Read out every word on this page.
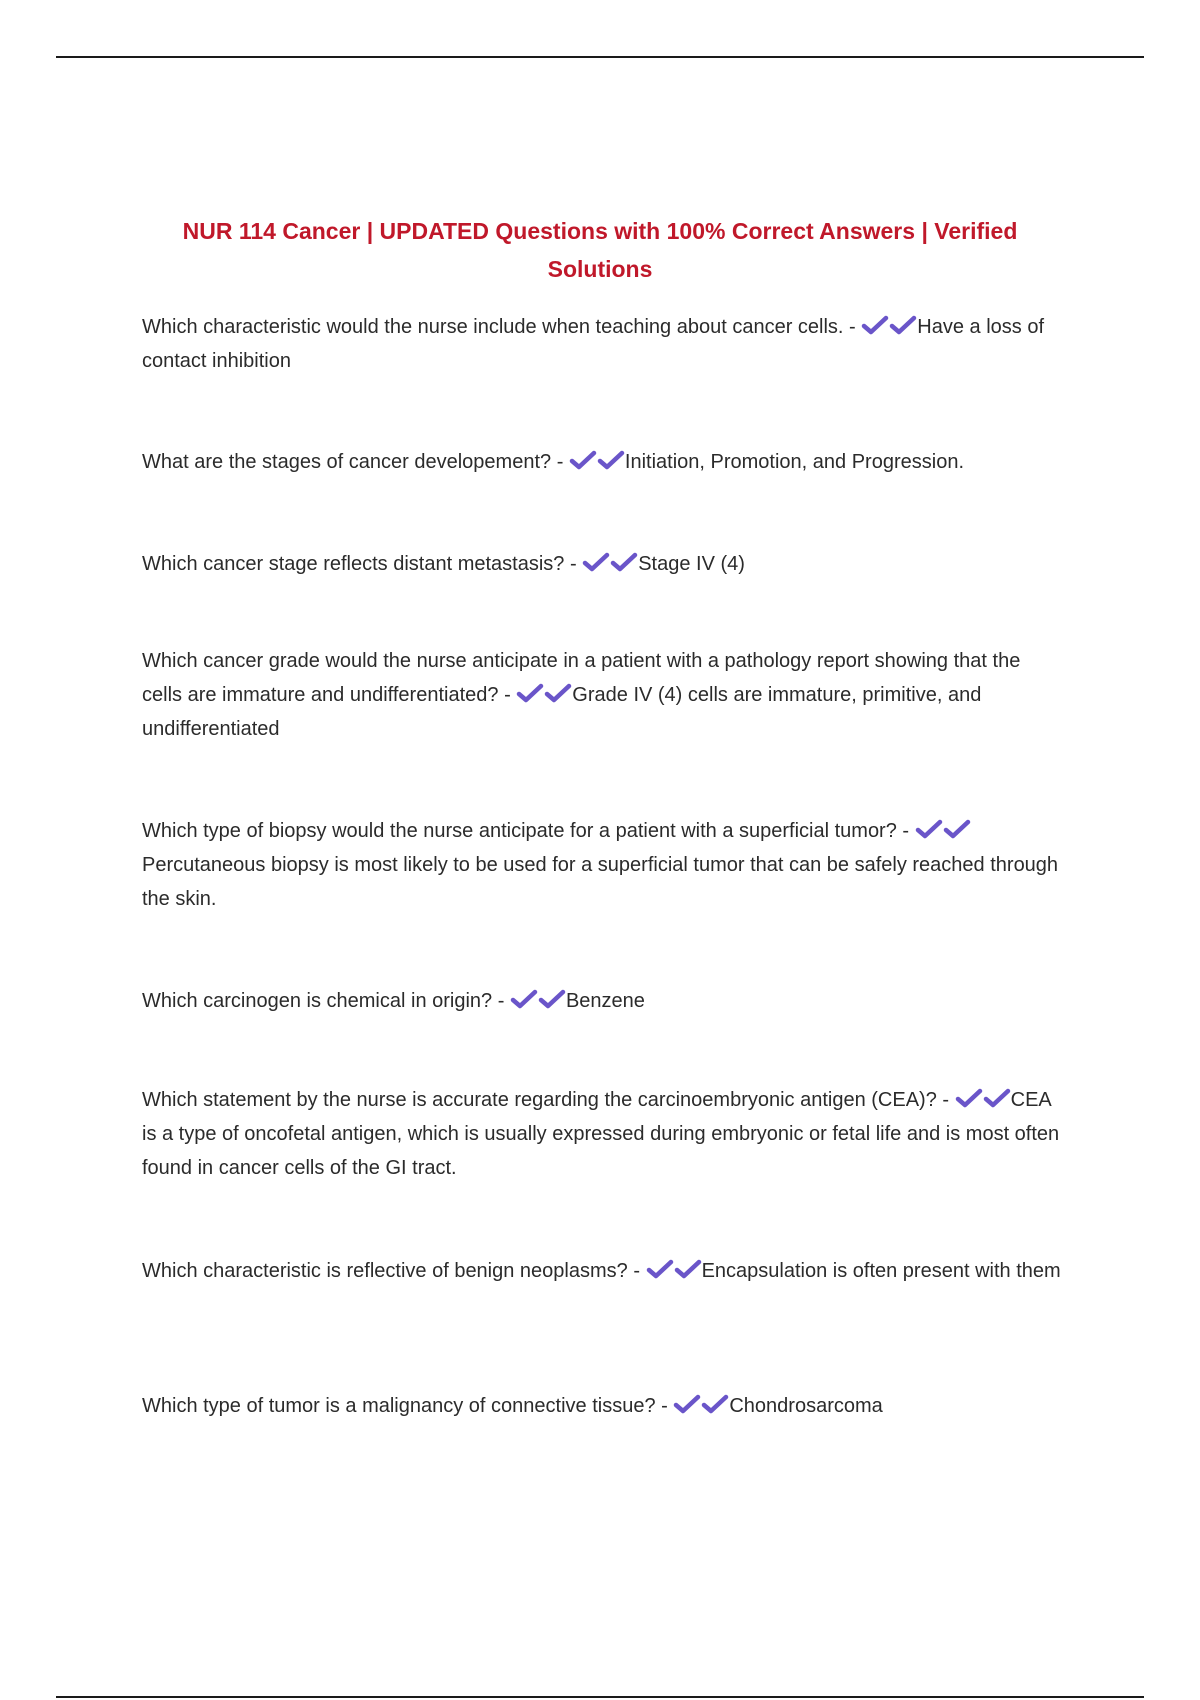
NUR 114 Cancer | UPDATED Questions with 100% Correct Answers | Verified Solutions
Which characteristic would the nurse include when teaching about cancer cells. -	Have a loss of contact inhibition
What are the stages of cancer developement? -	Initiation, Promotion, and Progression.
Which cancer stage reflects distant metastasis? -	Stage IV (4)
Which cancer grade would the nurse anticipate in a patient with a pathology report showing that the cells are immature and undifferentiated? -	Grade IV (4) cells are immature, primitive, and undifferentiated
Which type of biopsy would the nurse anticipate for a patient with a superficial tumor? -
Percutaneous biopsy is most likely to be used for a superficial tumor that can be safely reached through the skin.
Which carcinogen is chemical in origin? -	Benzene
Which statement by the nurse is accurate regarding the carcinoembryonic antigen (CEA)? -	CEA is a type of oncofetal antigen, which is usually expressed during embryonic or fetal life and is most often found in cancer cells of the GI tract.
Which characteristic is reflective of benign neoplasms? -	Encapsulation is often present with them
Which type of tumor is a malignancy of connective tissue? -	Chondrosarcoma
